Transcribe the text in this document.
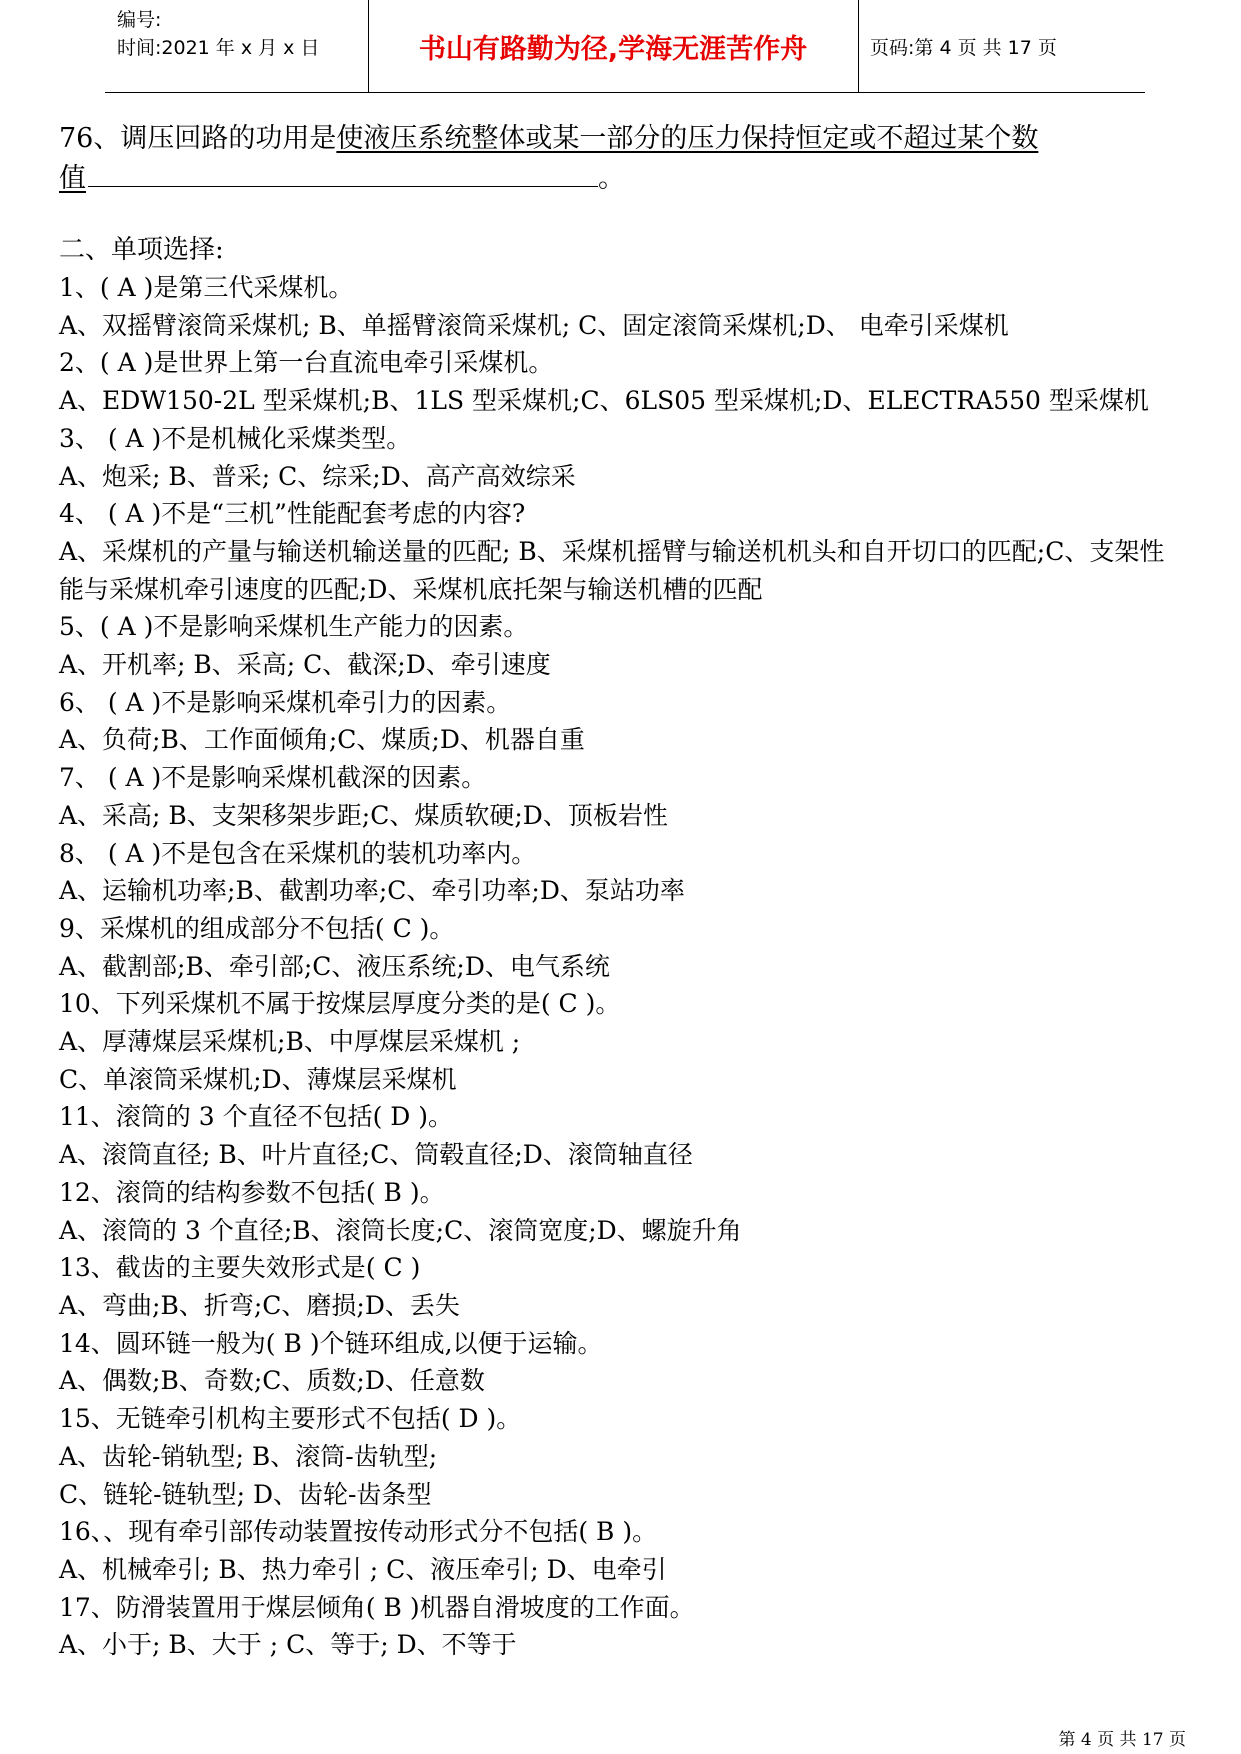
编号:
时间:2021 年 x 月 x 日	书山有路勤为径,学海无涯苦作舟	页码:第 4 页 共 17 页
76、调压回路的功用是使液压系统整体或某一部分的压力保持恒定或不超过某个数
值	。
二、单项选择:
1、( A )是第三代采煤机。
A、双摇臂滚筒采煤机; B、单摇臂滚筒采煤机; C、固定滚筒采煤机;D、 电牵引采煤机
2、( A )是世界上第一台直流电牵引采煤机。
A、EDW150-2L 型采煤机;B、1LS 型采煤机;C、6LS05 型采煤机;D、ELECTRA550 型采煤机
3、 ( A )不是机械化采煤类型。
A、炮采; B、普采; C、综采;D、高产高效综采
4、 ( A )不是“三机”性能配套考虑的内容?
A、采煤机的产量与输送机输送量的匹配; B、采煤机摇臂与输送机机头和自开切口的匹配;C、支架性能与采煤机牵引速度的匹配;D、采煤机底托架与输送机槽的匹配
5、( A )不是影响采煤机生产能力的因素。
A、开机率; B、采高; C、截深;D、牵引速度
6、 ( A )不是影响采煤机牵引力的因素。
A、负荷;B、工作面倾角;C、煤质;D、机器自重
7、 ( A )不是影响采煤机截深的因素。
A、采高; B、支架移架步距;C、煤质软硬;D、顶板岩性
8、 ( A )不是包含在采煤机的装机功率内。
A、运输机功率;B、截割功率;C、牵引功率;D、泵站功率
9、采煤机的组成部分不包括( C )。
A、截割部;B、牵引部;C、液压系统;D、电气系统
10、下列采煤机不属于按煤层厚度分类的是( C )。
A、厚薄煤层采煤机;B、中厚煤层采煤机 ;
C、单滚筒采煤机;D、薄煤层采煤机
11、滚筒的 3 个直径不包括( D )。
A、滚筒直径; B、叶片直径;C、筒毂直径;D、滚筒轴直径
12、滚筒的结构参数不包括( B )。
A、滚筒的 3 个直径;B、滚筒长度;C、滚筒宽度;D、螺旋升角
13、截齿的主要失效形式是( C )
A、弯曲;B、折弯;C、磨损;D、丢失
14、圆环链一般为( B )个链环组成,以便于运输。
A、偶数;B、奇数;C、质数;D、任意数
15、无链牵引机构主要形式不包括( D )。
A、齿轮-销轨型; B、滚筒-齿轨型;
C、链轮-链轨型; D、齿轮-齿条型
16、、现有牵引部传动装置按传动形式分不包括( B )。
A、机械牵引; B、热力牵引 ; C、液压牵引; D、电牵引
17、防滑装置用于煤层倾角( B )机器自滑坡度的工作面。
A、小于; B、大于 ; C、等于; D、不等于
第 4 页 共 17 页
